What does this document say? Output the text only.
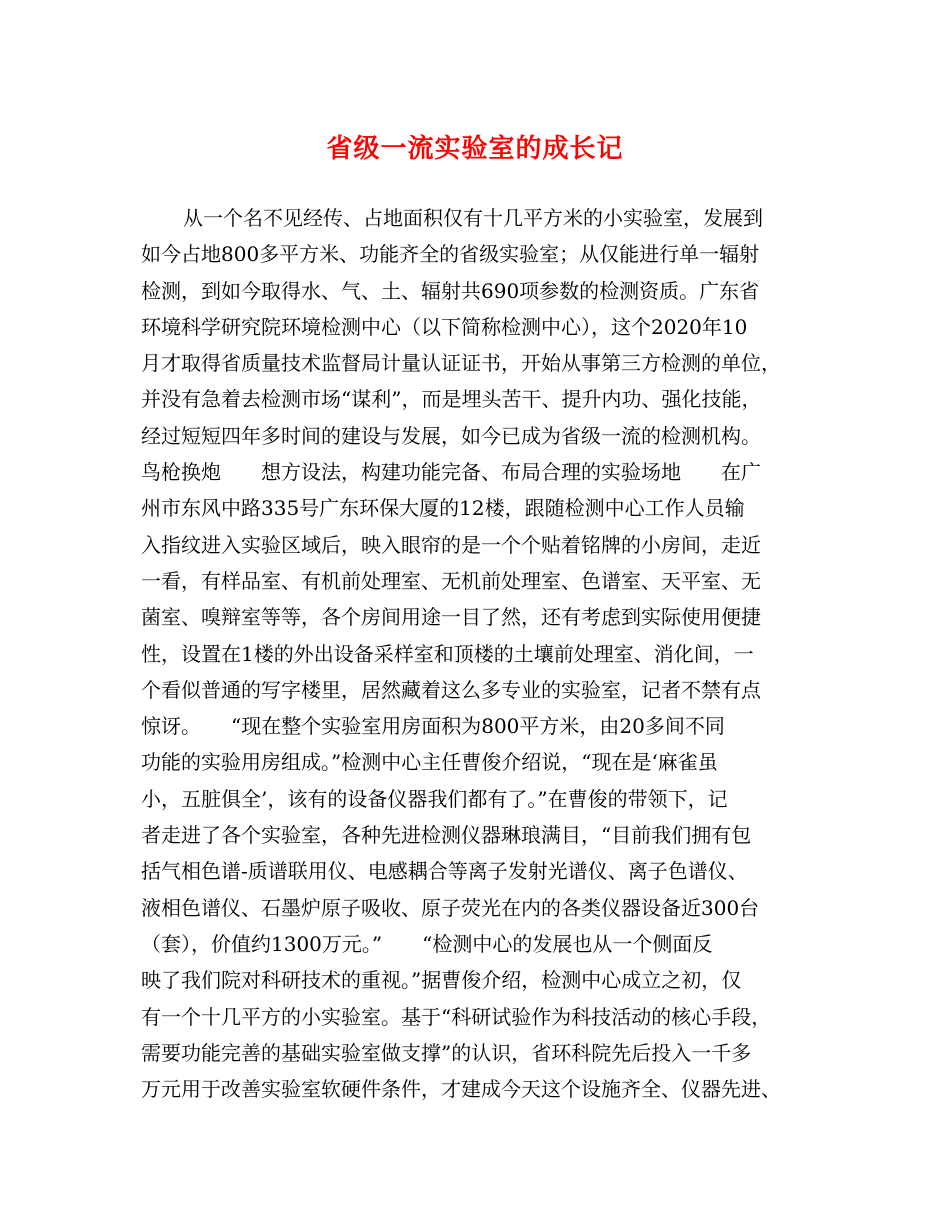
省级一流实验室的成长记
从一个名不见经传、占地面积仅有十几平方米的小实验室，发展到
如今占地800多平方米、功能齐全的省级实验室；从仅能进行单一辐射
检测，到如今取得水、气、土、辐射共690项参数的检测资质。广东省
环境科学研究院环境检测中心（以下简称检测中心），这个2020年10
月才取得省质量技术监督局计量认证证书，开始从事第三方检测的单位，
并没有急着去检测市场“谋利”，而是埋头苦干、提升内功、强化技能，
经过短短四年多时间的建设与发展，如今已成为省级一流的检测机构。
鸟枪换炮　　想方设法，构建功能完备、布局合理的实验场地　　在广
州市东风中路335号广东环保大厦的12楼，跟随检测中心工作人员输
入指纹进入实验区域后，映入眼帘的是一个个贴着铭牌的小房间，走近
一看，有样品室、有机前处理室、无机前处理室、色谱室、天平室、无
菌室、嗅辩室等等，各个房间用途一目了然，还有考虑到实际使用便捷
性，设置在1楼的外出设备采样室和顶楼的土壤前处理室、消化间，一
个看似普通的写字楼里，居然藏着这么多专业的实验室，记者不禁有点
惊讶。　　“现在整个实验室用房面积为800平方米，由20多间不同
功能的实验用房组成。”检测中心主任曹俊介绍说，“现在是‘麻雀虽
小，五脏俱全’，该有的设备仪器我们都有了。”在曹俊的带领下，记
者走进了各个实验室，各种先进检测仪器琳琅满目，“目前我们拥有包
括气相色谱-质谱联用仪、电感耦合等离子发射光谱仪、离子色谱仪、
液相色谱仪、石墨炉原子吸收、原子荧光在内的各类仪器设备近300台
（套），价值约1300万元。”　　“检测中心的发展也从一个侧面反
映了我们院对科研技术的重视。”据曹俊介绍，检测中心成立之初，仅
有一个十几平方的小实验室。基于“科研试验作为科技活动的核心手段，
需要功能完善的基础实验室做支撑”的认识，省环科院先后投入一千多
万元用于改善实验室软硬件条件，才建成今天这个设施齐全、仪器先进、
